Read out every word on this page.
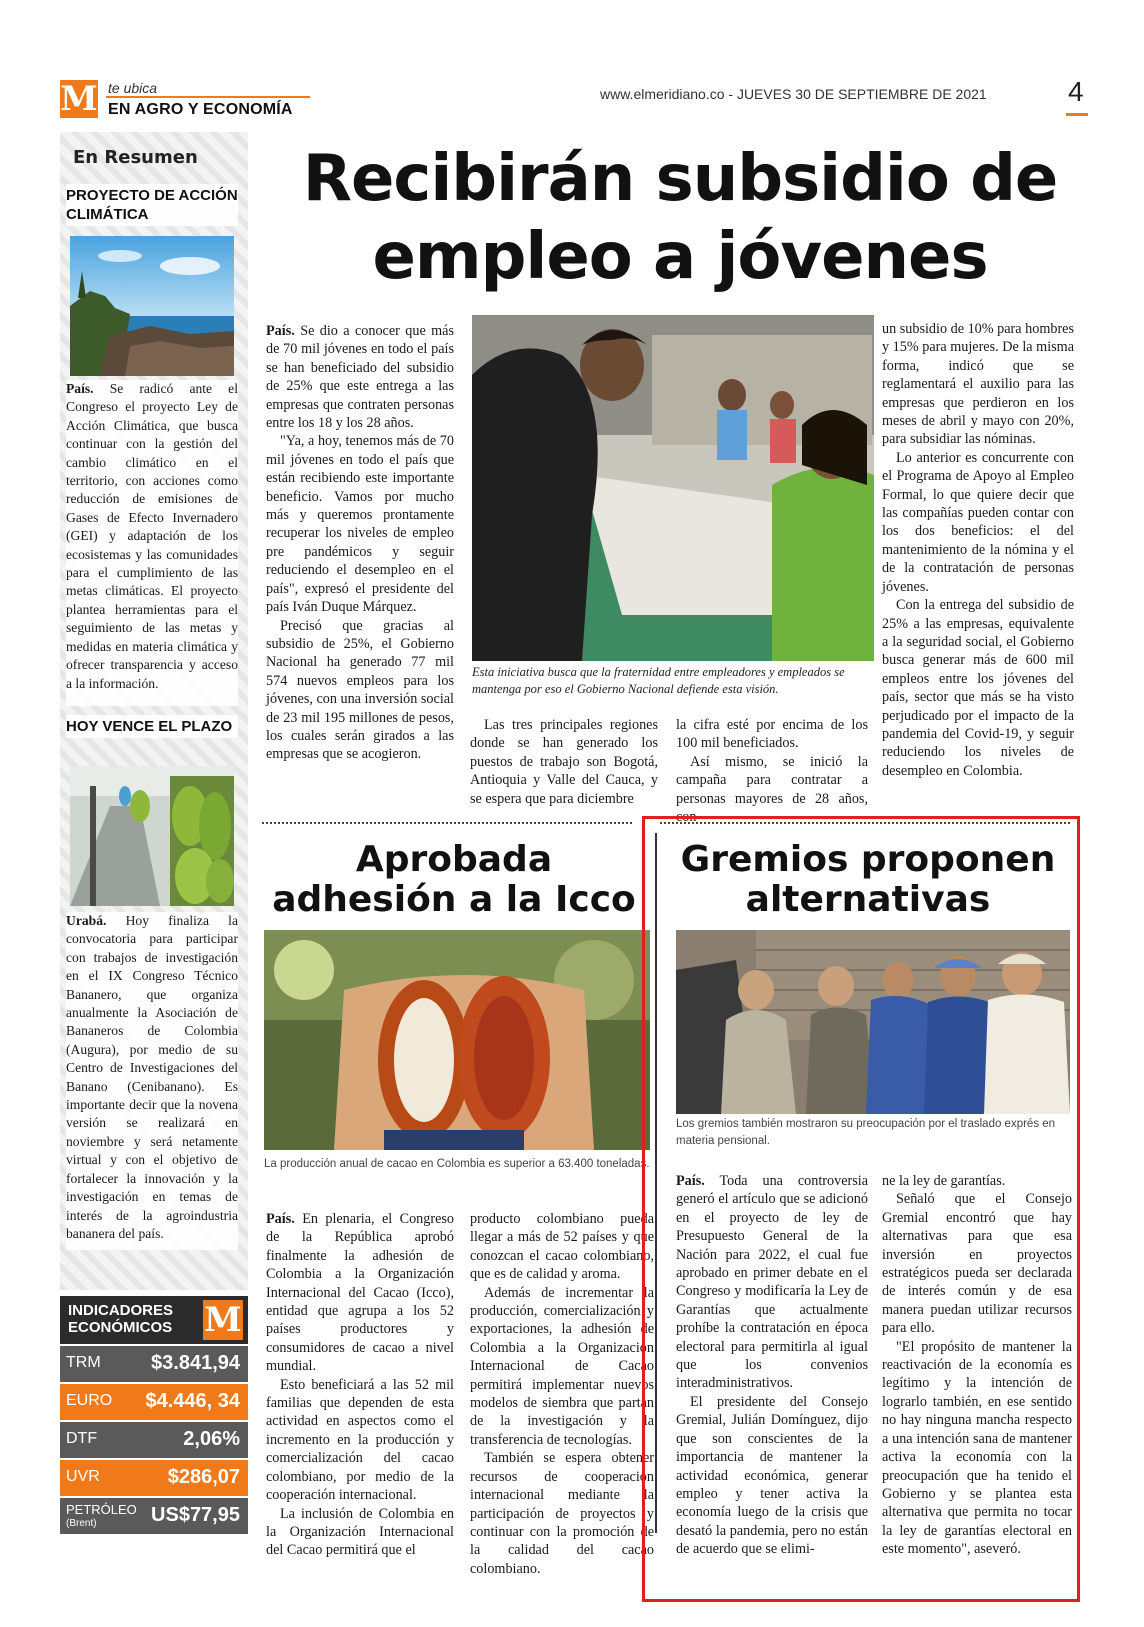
M te ubica
EN AGRO Y ECONOMÍA
www.elmeridiano.co - JUEVES 30 DE SEPTIEMBRE DE 2021	4
En Resumen
PROYECTO DE ACCIÓN CLIMÁTICA
País. Se radicó ante el Congreso el proyecto Ley de Acción Climática, que busca continuar con la gestión del cambio climático en el territorio, con acciones como reducción de emisiones de Gases de Efecto Invernadero (GEI) y adaptación de los ecosistemas y las comunidades para el cumplimiento de las metas climáticas. El proyecto plantea herramientas para el seguimiento de las metas y medidas en materia climática y ofrecer transparencia y acceso a la información.
HOY VENCE EL PLAZO
Urabá. Hoy finaliza la convocatoria para participar con trabajos de investigación en el IX Congreso Técnico Bananero, que organiza anualmente la Asociación de Bananeros de Colombia (Augura), por medio de su Centro de Investigaciones del Banano (Cenibanano). Es importante decir que la novena versión se realizará en noviembre y será netamente virtual y con el objetivo de fortalecer la innovación y la investigación en temas de interés de la agroindustria bananera del país.
INDICADORES
ECONÓMICOS M
TRM	$3.841,94
EURO $4.446, 34
DTF	2,06%
UVR	$286,07
PETRÓLEO
(Brent)	US$77,95
Recibirán subsidio de empleo a jóvenes

País. Se dio a conocer que más de 70 mil jóvenes en todo el país se han beneficiado del subsidio de 25% que este entrega a las empresas que contraten personas entre los 18 y los 28 años.

"Ya, a hoy, tenemos más de 70 mil jóvenes en todo el país que están recibiendo este importante beneficio. Vamos por mucho más y queremos prontamente recuperar los niveles de empleo pre pandémicos y seguir reduciendo el desempleo en el país", expresó el presidente del país Iván Duque Márquez.

Precisó que gracias al subsidio de 25%, el Gobierno Nacional ha generado 77 mil 574 nuevos empleos para los jóvenes, con una inversión social de 23 mil 195 millones de pesos, los cuales serán girados a las empresas que se acogieron.

Esta iniciativa busca que la fraternidad entre empleadores y empleados se mantenga por eso el Gobierno Nacional defiende esta visión.

Las tres principales regiones donde se han generado los puestos de trabajo son Bogotá, Antioquia y Valle del Cauca, y se espera que para diciembre

la cifra esté por encima de los 100 mil beneficiados.

Así mismo, se inició la campaña para contratar a personas mayores de 28 años, con

un subsidio de 10% para hombres y 15% para mujeres. De la misma forma, indicó que se reglamentará el auxilio para las empresas que perdieron en los meses de abril y mayo con 20%, para subsidiar las nóminas.

Lo anterior es concurrente con el Programa de Apoyo al Empleo Formal, lo que quiere decir que las compañías pueden contar con los dos beneficios: el del mantenimiento de la nómina y el de la contratación de personas jóvenes.

Con la entrega del subsidio de 25% a las empresas, equivalente a la seguridad social, el Gobierno busca generar más de 600 mil empleos entre los jóvenes del país, sector que más se ha visto perjudicado por el impacto de la pandemia del Covid-19, y seguir reduciendo los niveles de desempleo en Colombia.

Aprobada adhesión a la Icco
La producción anual de cacao en Colombia es superior a 63.400 toneladas.

País. En plenaria, el Congreso de la República aprobó finalmente la adhesión de Colombia a la Organización Internacional del Cacao (Icco), entidad que agrupa a los 52 países productores y consumidores de cacao a nivel mundial.

Esto beneficiará a las 52 mil familias que dependen de esta actividad en aspectos como el incremento en la producción y comercialización del cacao colombiano, por medio de la cooperación internacional.

La inclusión de Colombia en la Organización Internacional del Cacao permitirá que el

producto colombiano pueda llegar a más de 52 países y que conozcan el cacao colombiano, que es de calidad y aroma.

Además de incrementar la producción, comercialización y exportaciones, la adhesión de Colombia a la Organización Internacional de Cacao permitirá implementar nuevos modelos de siembra que partan de la investigación y la transferencia de tecnologías.

También se espera obtener recursos de cooperación internacional mediante la participación de proyectos y continuar con la promoción de la calidad del cacao colombiano.

Gremios proponen alternativas
Los gremios también mostraron su preocupación por el traslado exprés en materia pensional.

País. Toda una controversia generó el artículo que se adicionó en el proyecto de ley de Presupuesto General de la Nación para 2022, el cual fue aprobado en primer debate en el Congreso y modificaría la Ley de Garantías que actualmente prohíbe la contratación en época electoral para permitirla al igual que los convenios interadministrativos.

El presidente del Consejo Gremial, Julián Domínguez, dijo que son conscientes de la importancia de mantener la actividad económica, generar empleo y tener activa la economía luego de la crisis que desató la pandemia, pero no están de acuerdo que se elimi-

ne la ley de garantías.

Señaló que el Consejo Gremial encontró que hay alternativas para que esa inversión en proyectos estratégicos pueda ser declarada de interés común y de esa manera puedan utilizar recursos para ello.

"El propósito de mantener la reactivación de la economía es legítimo y la intención de lograrlo también, en ese sentido no hay ninguna mancha respecto a una intención sana de mantener activa la economía con la preocupación que ha tenido el Gobierno y se plantea esta alternativa que permita no tocar la ley de garantías electoral en este momento", aseveró.
